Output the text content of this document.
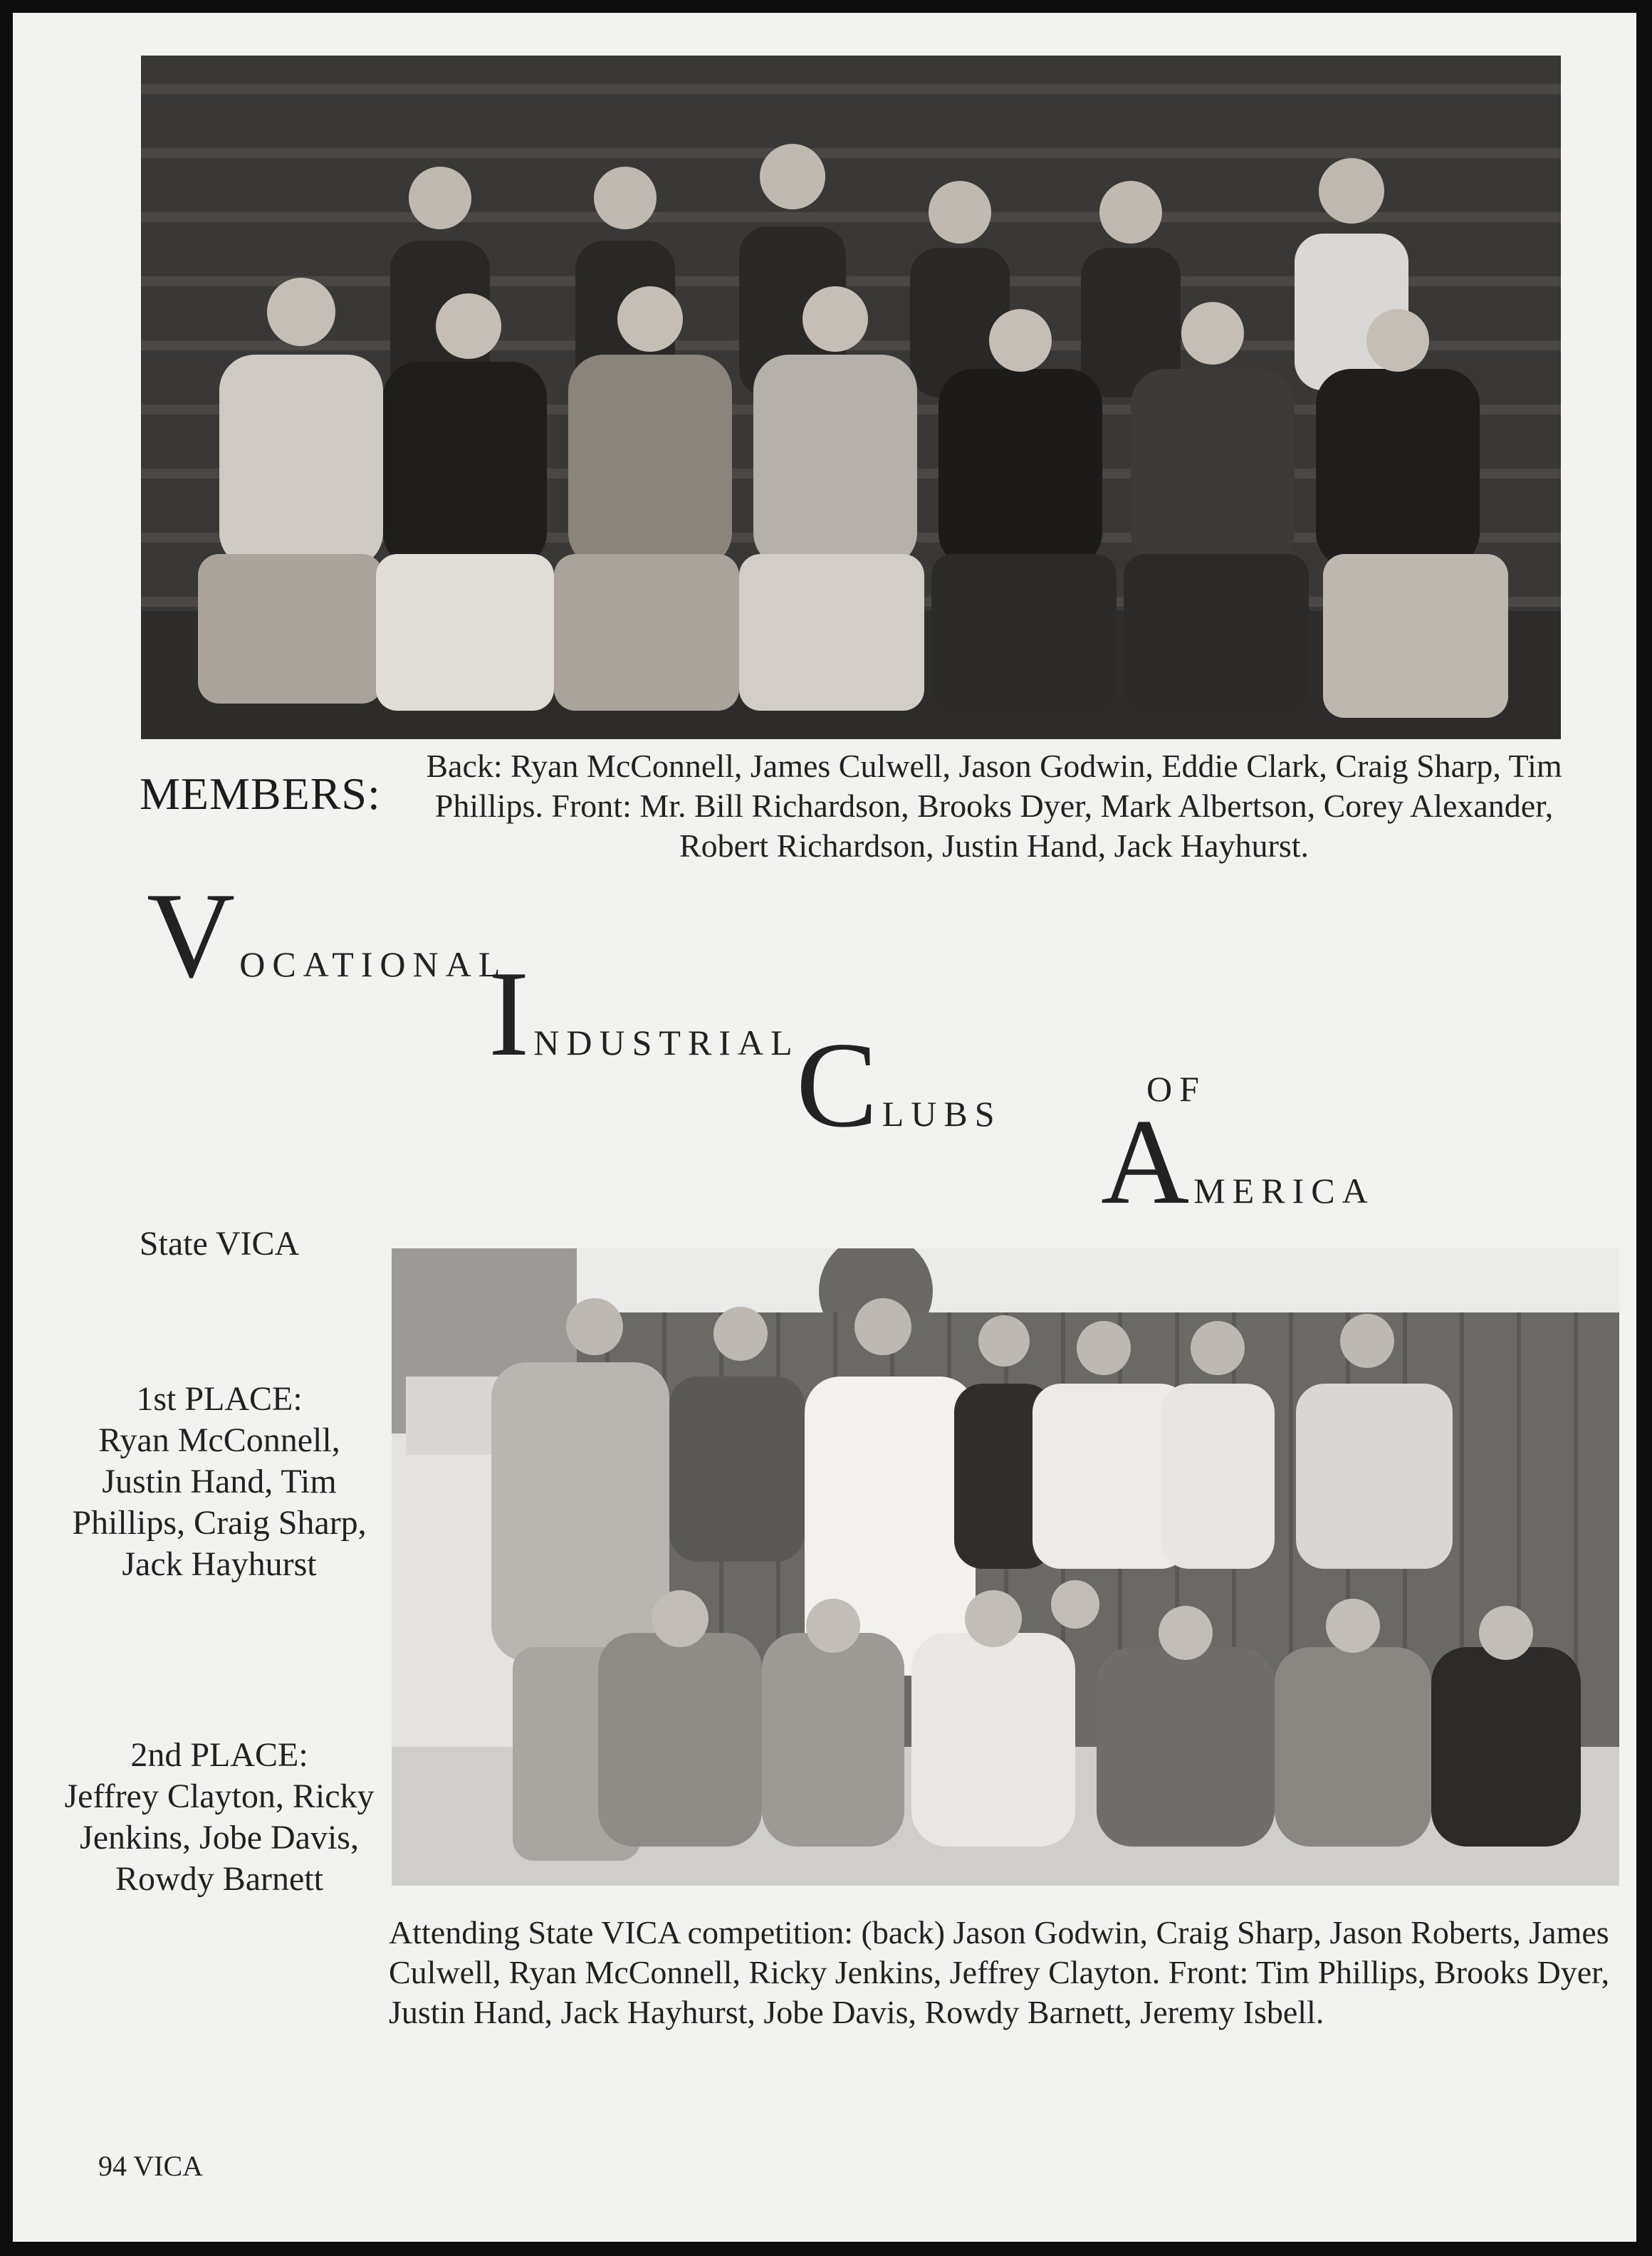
MEMBERS:
Back: Ryan McConnell, James Culwell, Jason Godwin, Eddie Clark, Craig Sharp, Tim Phillips. Front: Mr. Bill Richardson, Brooks Dyer, Mark Albertson, Corey Alexander, Robert Richardson, Justin Hand, Jack Hayhurst.
VOCATIONAL
INDUSTRIAL
CLUBS
OF
AMERICA
State VICA
1st PLACE:
Ryan McConnell, Justin Hand, Tim Phillips, Craig Sharp, Jack Hayhurst
2nd PLACE:
Jeffrey Clayton, Ricky Jenkins, Jobe Davis, Rowdy Barnett
Attending State VICA competition: (back) Jason Godwin, Craig Sharp, Jason Roberts, James Culwell, Ryan McConnell, Ricky Jenkins, Jeffrey Clayton. Front: Tim Phillips, Brooks Dyer, Justin Hand, Jack Hayhurst, Jobe Davis, Rowdy Barnett, Jeremy Isbell.
94 VICA
